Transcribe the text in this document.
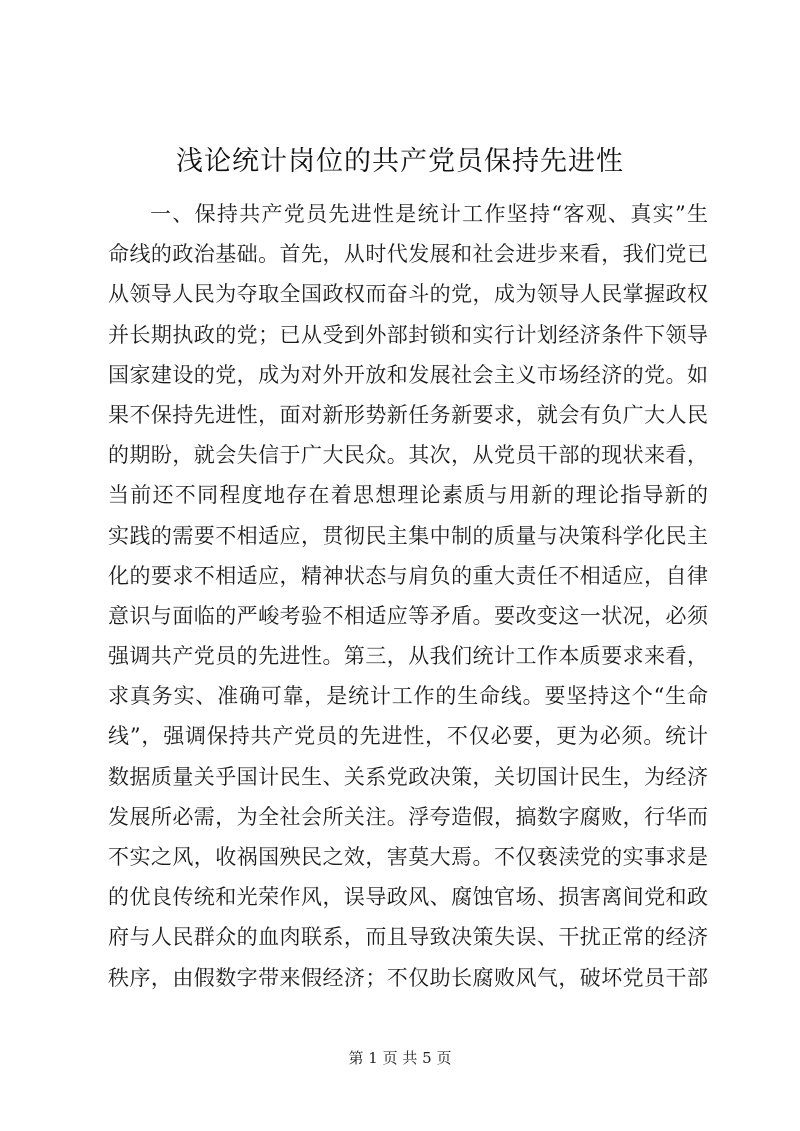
浅论统计岗位的共产党员保持先进性
一、保持共产党员先进性是统计工作坚持“客观、真实”生
命线的政治基础。首先，从时代发展和社会进步来看，我们党已
从领导人民为夺取全国政权而奋斗的党，成为领导人民掌握政权
并长期执政的党；已从受到外部封锁和实行计划经济条件下领导
国家建设的党，成为对外开放和发展社会主义市场经济的党。如
果不保持先进性，面对新形势新任务新要求，就会有负广大人民
的期盼，就会失信于广大民众。其次，从党员干部的现状来看，
当前还不同程度地存在着思想理论素质与用新的理论指导新的
实践的需要不相适应，贯彻民主集中制的质量与决策科学化民主
化的要求不相适应，精神状态与肩负的重大责任不相适应，自律
意识与面临的严峻考验不相适应等矛盾。要改变这一状况，必须
强调共产党员的先进性。第三，从我们统计工作本质要求来看，
求真务实、准确可靠，是统计工作的生命线。要坚持这个“生命
线”，强调保持共产党员的先进性，不仅必要，更为必须。统计
数据质量关乎国计民生、关系党政决策，关切国计民生，为经济
发展所必需，为全社会所关注。浮夸造假，搞数字腐败，行华而
不实之风，收祸国殃民之效，害莫大焉。不仅亵渎党的实事求是
的优良传统和光荣作风，误导政风、腐蚀官场、损害离间党和政
府与人民群众的血肉联系，而且导致决策失误、干扰正常的经济
秩序，由假数字带来假经济；不仅助长腐败风气，破坏党员干部
第 1 页 共 5 页
